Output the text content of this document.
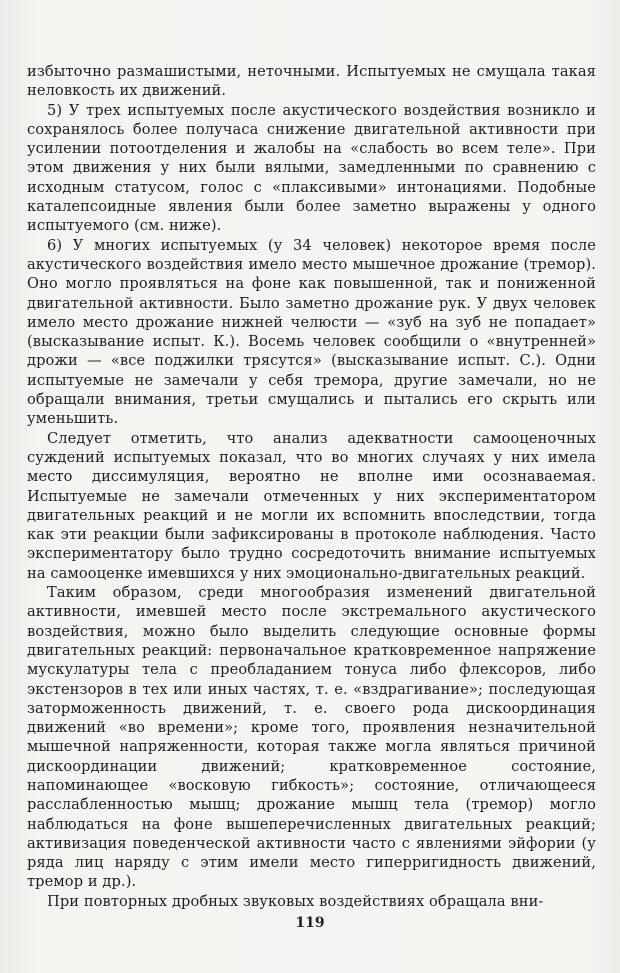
избыточно размашистыми, неточными. Испытуемых не смущала такая неловкость их движений.

5) У трех испытуемых после акустического воздействия возникло и сохранялось более получаса снижение двигательной активности при усилении потоотделения и жалобы на «слабость во всем теле». При этом движения у них были вялыми, замедленными по сравнению с исходным статусом, голос с «плаксивыми» интонациями. Подобные каталепсоидные явления были более заметно выражены у одного испытуемого (см. ниже).

6) У многих испытуемых (у 34 человек) некоторое время после акустического воздействия имело место мышечное дрожание (тремор). Оно могло проявляться на фоне как повышенной, так и пониженной двигательной активности. Было заметно дрожание рук. У двух человек имело место дрожание нижней челюсти — «зуб на зуб не попадает» (высказывание испыт. К.). Восемь человек сообщили о «внутренней» дрожи — «все поджилки трясутся» (высказывание испыт. С.). Одни испытуемые не замечали у себя тремора, другие замечали, но не обращали внимания, третьи смущались и пытались его скрыть или уменьшить.

Следует отметить, что анализ адекватности самооценочных суждений испытуемых показал, что во многих случаях у них имела место диссимуляция, вероятно не вполне ими осознаваемая. Испытуемые не замечали отмеченных у них экспериментатором двигательных реакций и не могли их вспомнить впоследствии, тогда как эти реакции были зафиксированы в протоколе наблюдения. Часто экспериментатору было трудно сосредоточить внимание испытуемых на самооценке имевшихся у них эмоционально-двигательных реакций.

Таким образом, среди многообразия изменений двигательной активности, имевшей место после экстремального акустического воздействия, можно было выделить следующие основные формы двигательных реакций: первоначальное кратковременное напряжение мускулатуры тела с преобладанием тонуса либо флексоров, либо экстензоров в тех или иных частях, т. е. «вздрагивание»; последующая заторможенность движений, т. е. своего рода дискоординация движений «во времени»; кроме того, проявления незначительной мышечной напряженности, которая также могла являться причиной дискоординации движений; кратковременное состояние, напоминающее «восковую гибкость»; состояние, отличающееся расслабленностью мышц; дрожание мышц тела (тремор) могло наблюдаться на фоне вышеперечисленных двигательных реакций; активизация поведенческой активности часто с явлениями эйфории (у ряда лиц наряду с этим имели место гиперригидность движений, тремор и др.).

При повторных дробных звуковых воздействиях обращала вни-

119
